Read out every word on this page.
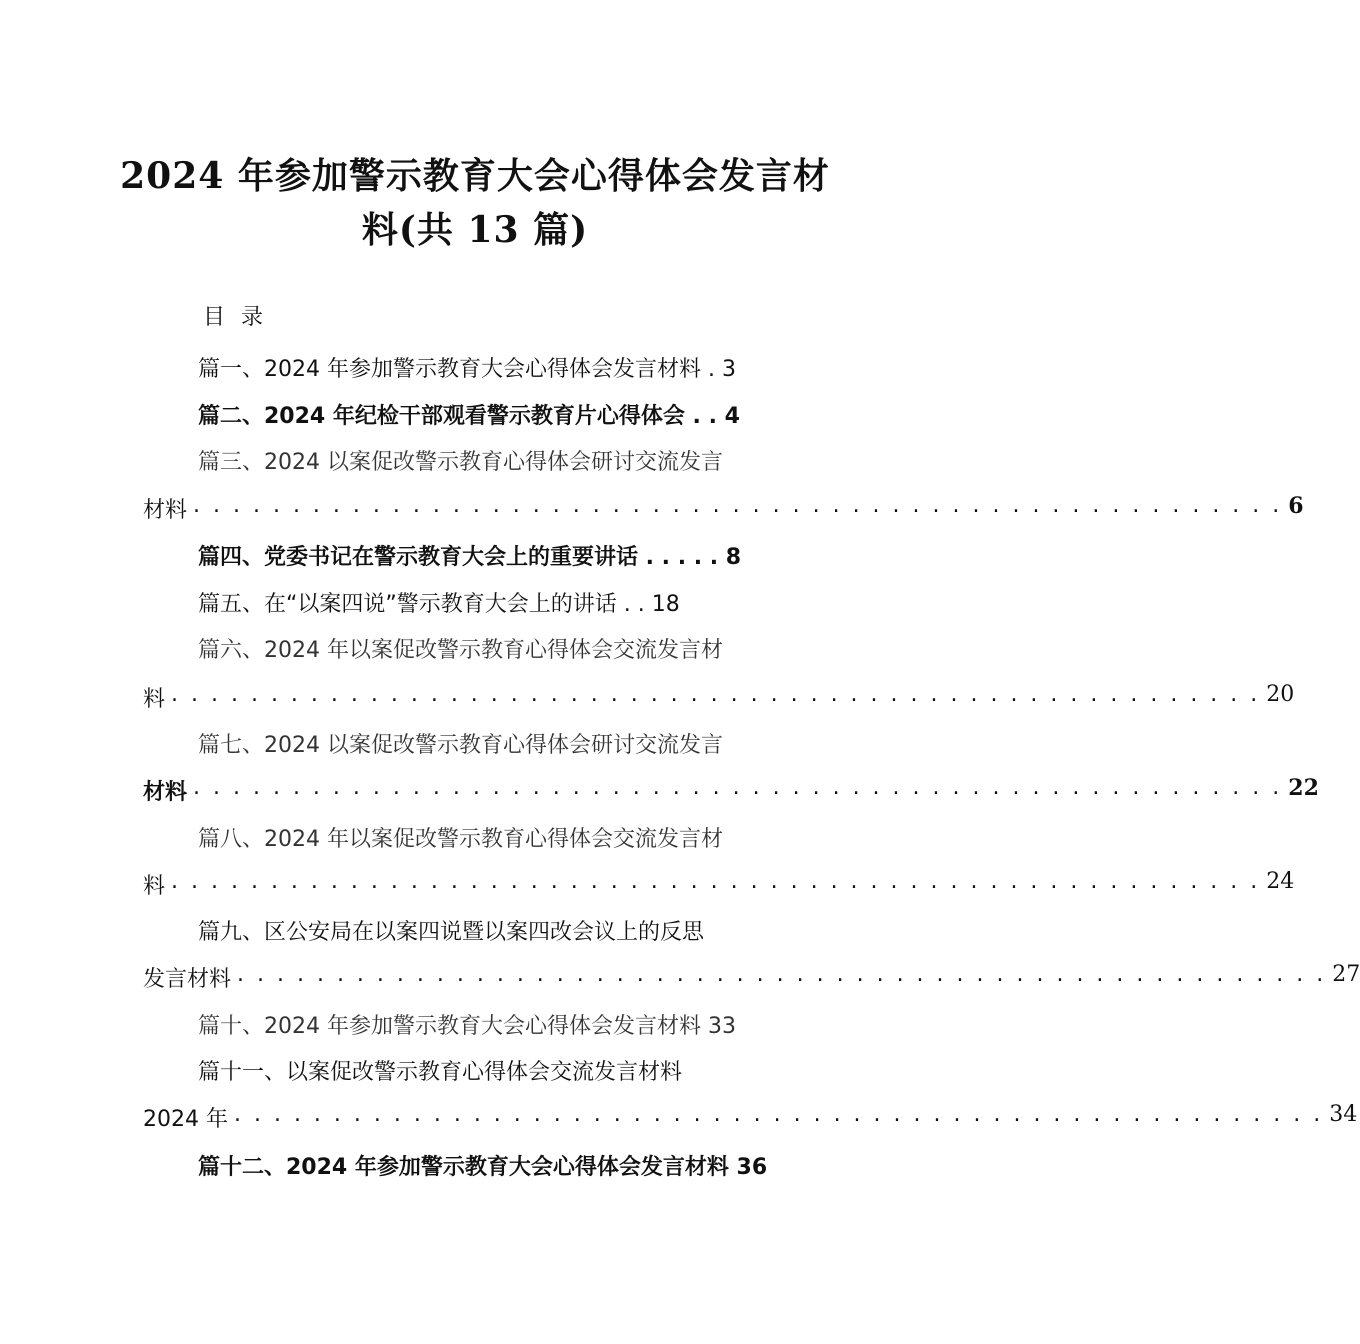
2024 年参加警示教育大会心得体会发言材
料(共 13 篇)
目录
篇一、2024 年参加警示教育大会心得体会发言材料 . 3
篇二、2024 年纪检干部观看警示教育片心得体会 . . 4
篇三、2024 以案促改警示教育心得体会研讨交流发言
材料 . . . . . . . . . . . . . . . . . . . . . . . . . . . . . . . . . . . . . . . . . . . . . . . . . . . . . . . 6
篇四、党委书记在警示教育大会上的重要讲话 . . . . . 8
篇五、在“以案四说”警示教育大会上的讲话 . . 18
篇六、2024 年以案促改警示教育心得体会交流发言材
料 . . . . . . . . . . . . . . . . . . . . . . . . . . . . . . . . . . . . . . . . . . . . . . . . . . . . . . . 20
篇七、2024 以案促改警示教育心得体会研讨交流发言
材料 . . . . . . . . . . . . . . . . . . . . . . . . . . . . . . . . . . . . . . . . . . . . . . . . . . . . . . . 22
篇八、2024 年以案促改警示教育心得体会交流发言材
料 . . . . . . . . . . . . . . . . . . . . . . . . . . . . . . . . . . . . . . . . . . . . . . . . . . . . . . . 24
篇九、区公安局在以案四说暨以案四改会议上的反思
发言材料 . . . . . . . . . . . . . . . . . . . . . . . . . . . . . . . . . . . . . . . . . . . . . . . . . . . . . . . 27
篇十、2024 年参加警示教育大会心得体会发言材料 33
篇十一、以案促改警示教育心得体会交流发言材料
2024 年 . . . . . . . . . . . . . . . . . . . . . . . . . . . . . . . . . . . . . . . . . . . . . . . . . . . . . . . 34
篇十二、2024 年参加警示教育大会心得体会发言材料 36
